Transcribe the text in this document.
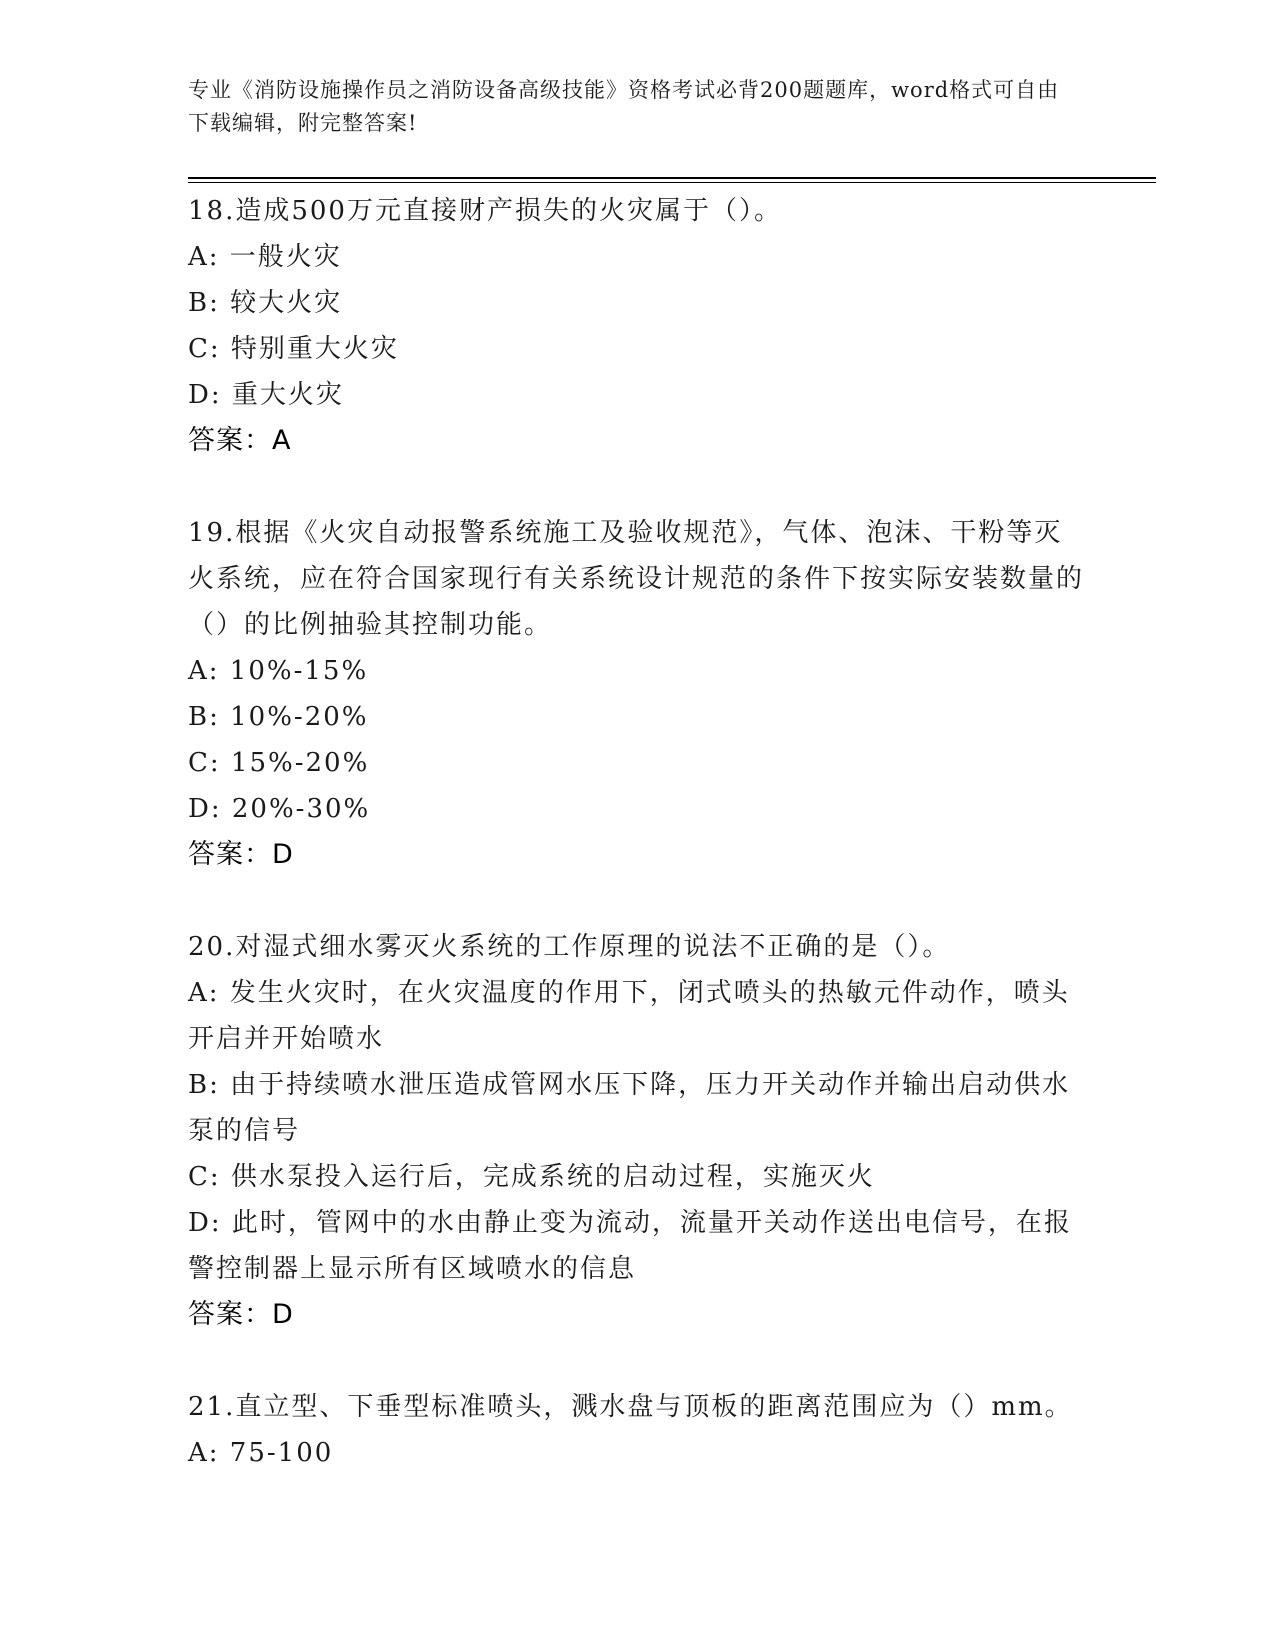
专业《消防设施操作员之消防设备高级技能》资格考试必背200题题库，word格式可自由下载编辑，附完整答案!

18.造成500万元直接财产损失的火灾属于（）。

A: 一般火灾

B: 较大火灾

C: 特别重大火灾

D: 重大火灾

答案：A

19.根据《火灾自动报警系统施工及验收规范》，气体、泡沫、干粉等灭火系统，应在符合国家现行有关系统设计规范的条件下按实际安装数量的（）的比例抽验其控制功能。

A: 10%-15%

B: 10%-20%

C: 15%-20%

D: 20%-30%

答案：D

20.对湿式细水雾灭火系统的工作原理的说法不正确的是（）。

A: 发生火灾时，在火灾温度的作用下，闭式喷头的热敏元件动作，喷头开启并开始喷水

B: 由于持续喷水泄压造成管网水压下降，压力开关动作并输出启动供水泵的信号

C: 供水泵投入运行后，完成系统的启动过程，实施灭火

D: 此时，管网中的水由静止变为流动，流量开关动作送出电信号，在报警控制器上显示所有区域喷水的信息

答案：D

21.直立型、下垂型标准喷头，溅水盘与顶板的距离范围应为（）mm。

A: 75-100
